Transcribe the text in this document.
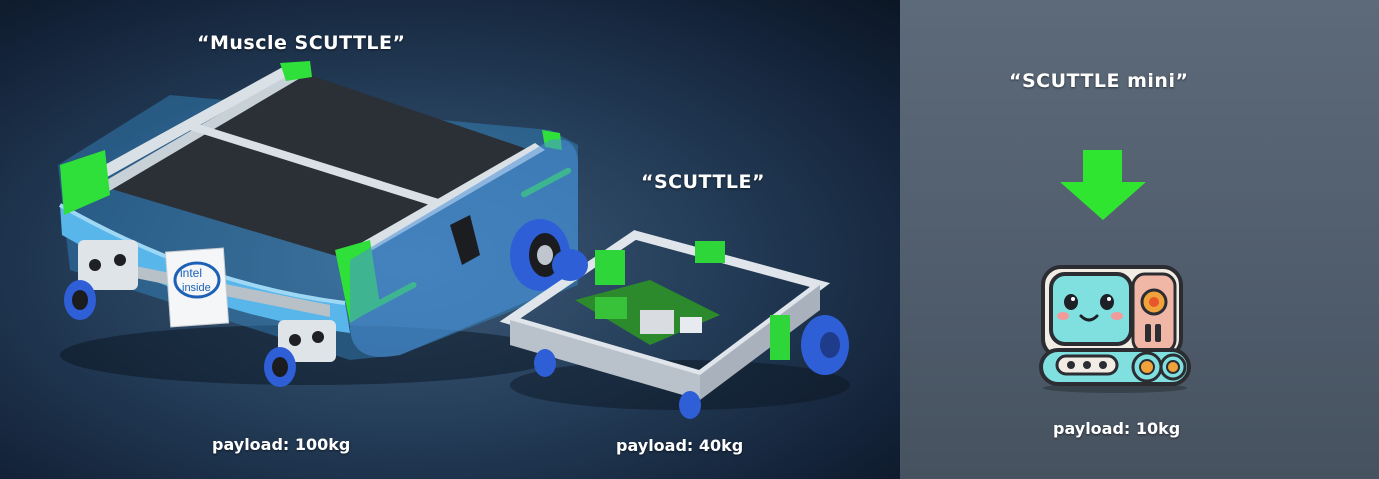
“Muscle SCUTTLE”
“SCUTTLE”
“SCUTTLE mini”
payload: 100kg	payload: 40kg
payload: 10kg
intel
inside
